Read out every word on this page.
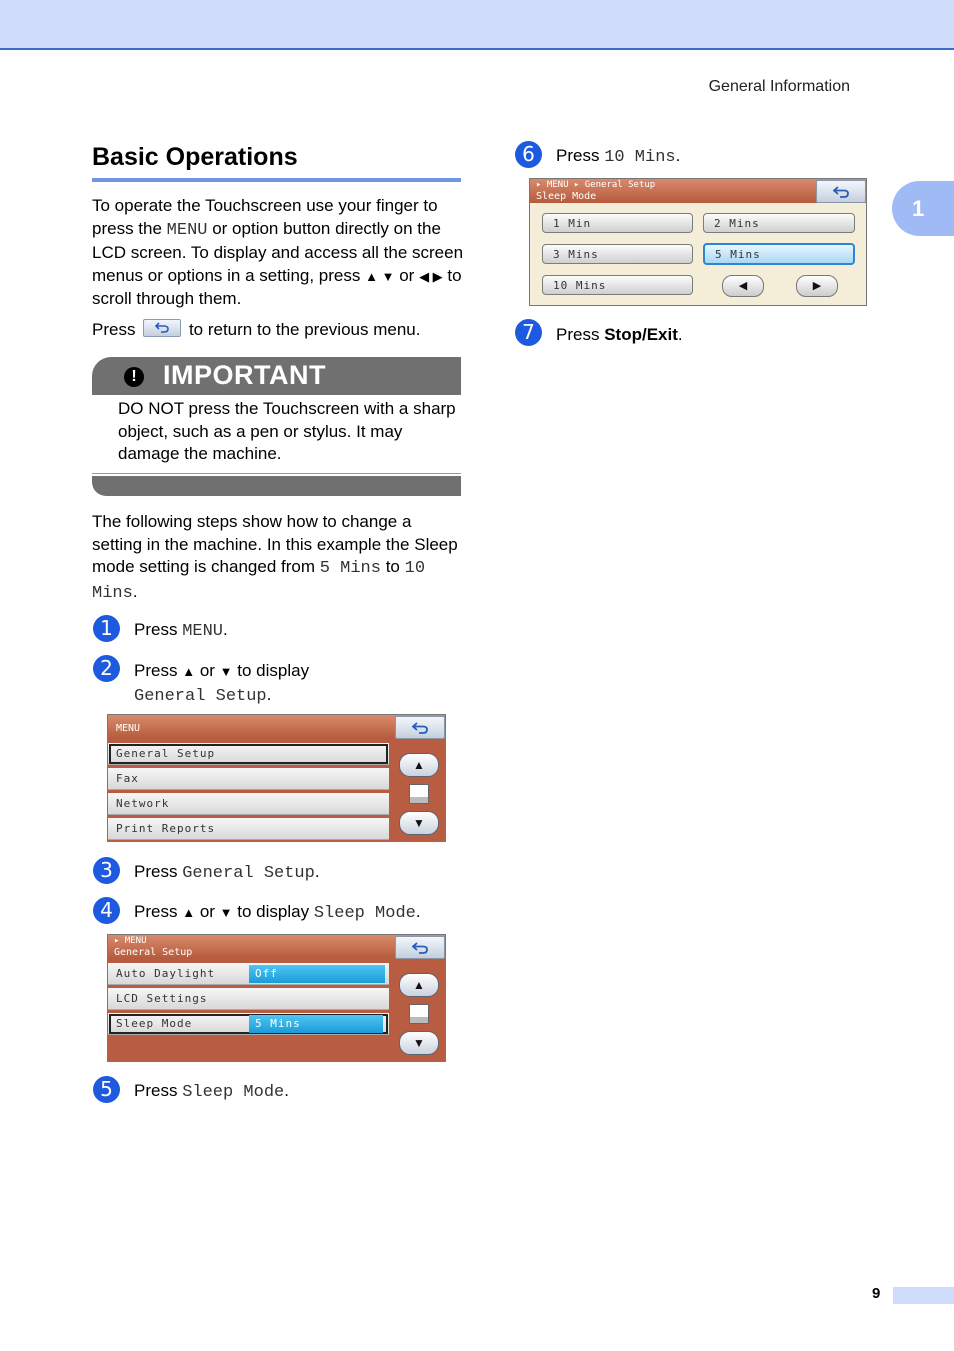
General Information
1
Basic Operations
To operate the Touchscreen use your finger to press the MENU or option button directly on the LCD screen. To display and access all the screen menus or options in a setting, press ▲ ▼ or ◀ ▶ to scroll through them.
Press	to return to the previous menu.
! IMPORTANT
DO NOT press the Touchscreen with a sharp object, such as a pen or stylus. It may damage the machine.
The following steps show how to change a setting in the machine. In this example the Sleep mode setting is changed from 5 Mins to 10 Mins.
1	Press MENU.
2	Press ▲ or ▼ to display
General Setup.
MENU
General Setup
Fax
Network
Print Reports
▲
▼
3	Press General Setup.
4	Press ▲ or ▼ to display Sleep Mode.
▸ MENU
General Setup
Auto Daylight	Off
LCD Settings
Sleep Mode	5 Mins
▲
▼
5	Press Sleep Mode.
6	Press 10 Mins.
▸ MENU ▸ General Setup
Sleep Mode
1 Min	2 Mins
3 Mins	5 Mins
10 Mins	◀	▶
7	Press Stop/Exit.
9
